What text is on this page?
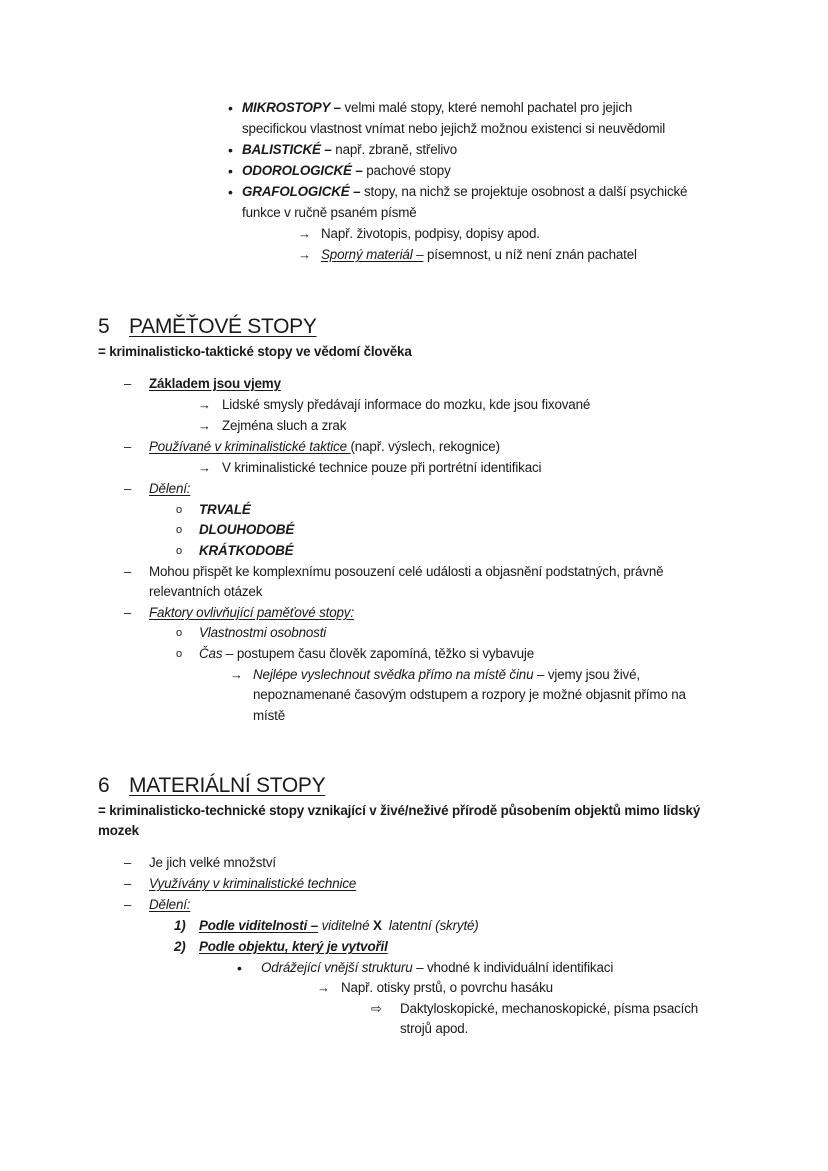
• MIKROSTOPY – velmi malé stopy, které nemohl pachatel pro jejich
specifickou vlastnost vnímat nebo jejichž možnou existenci si neuvědomil
• BALISTICKÉ – např. zbraně, střelivo
• ODOROLOGICKÉ – pachové stopy
• GRAFOLOGICKÉ – stopy, na nichž se projektuje osobnost a další psychické
funkce v ručně psaném písmě
→ Např. životopis, podpisy, dopisy apod.
→ Sporný materiál – písemnost, u níž není znán pachatel
5 PAMĚŤOVÉ STOPY
= kriminalisticko-taktické stopy ve vědomí člověka
– Základem jsou vjemy
→ Lidské smysly předávají informace do mozku, kde jsou fixované
→ Zejména sluch a zrak
– Používané v kriminalistické taktice (např. výslech, rekognice)
→ V kriminalistické technice pouze při portrétní identifikaci
– Dělení:
o TRVALÉ
o DLOUHODOBÉ
o KRÁTKODOBÉ
– Mohou přispět ke komplexnímu posouzení celé události a objasnění podstatných, právně
relevantních otázek
– Faktory ovlivňující paměťové stopy:
o Vlastnostmi osobnosti
o Čas – postupem času člověk zapomíná, těžko si vybavuje
→ Nejlépe vyslechnout svědka přímo na místě činu – vjemy jsou živé,
nepoznamenané časovým odstupem a rozpory je možné objasnit přímo na
místě
6 MATERIÁLNÍ STOPY
= kriminalisticko-technické stopy vznikající v živé/neživé přírodě působením objektů mimo lidský
mozek
– Je jich velké množství
– Využívány v kriminalistické technice
– Dělení:
1) Podle viditelnosti – viditelné X  latentní (skryté)
2) Podle objektu, který je vytvořil
• Odrážející vnější strukturu – vhodné k individuální identifikaci
→ Např. otisky prstů, o povrchu hasáku
⇨ Daktyloskopické, mechanoskopické, písma psacích
strojů apod.
